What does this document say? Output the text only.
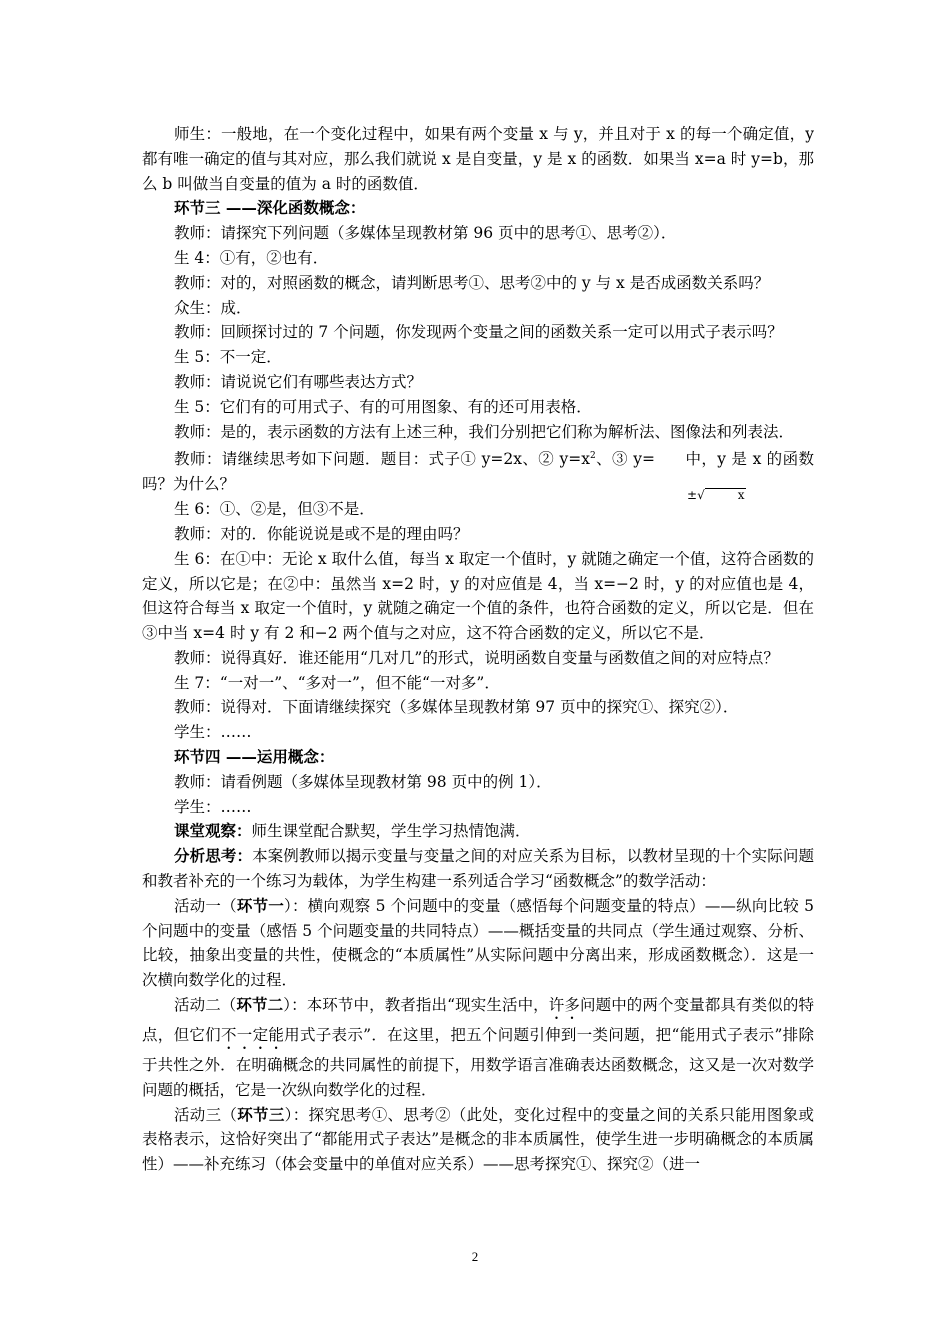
师生：一般地，在一个变化过程中，如果有两个变量 x 与 y，并且对于 x 的每一个确定值，y 都有唯一确定的值与其对应，那么我们就说 x 是自变量，y 是 x 的函数．如果当 x=a 时 y=b，那么 b 叫做当自变量的值为 a 时的函数值．

环节三 ——深化函数概念：

教师：请探究下列问题（多媒体呈现教材第 96 页中的思考①、思考②）．

生 4：①有，②也有．

教师：对的，对照函数的概念，请判断思考①、思考②中的 y 与 x 是否成函数关系吗？

众生：成．

教师：回顾探讨过的 7 个问题，你发现两个变量之间的函数关系一定可以用式子表示吗？

生 5：不一定．

教师：请说说它们有哪些表达方式？

生 5：它们有的可用式子、有的可用图象、有的还可用表格．

教师：是的，表示函数的方法有上述三种，我们分别把它们称为解析法、图像法和列表法．

教师：请继续思考如下问题．题目：式子① y=2x、② $y=x^2$、③ y=
±√	x
中，y 是 x 的函数吗？为什么？

生 6：①、②是，但③不是．

教师：对的．你能说说是或不是的理由吗？

生 6：在①中：无论 x 取什么值，每当 x 取定一个值时，y 就随之确定一个值，这符合函数的定义，所以它是；在②中：虽然当 x=2 时，y 的对应值是 4，当 x=−2 时，y 的对应值也是 4，但这符合每当 x 取定一个值时，y 就随之确定一个值的条件，也符合函数的定义，所以它是．但在③中当 x=4 时 y 有 2 和−2 两个值与之对应，这不符合函数的定义，所以它不是．

教师：说得真好．谁还能用“几对几”的形式，说明函数自变量与函数值之间的对应特点？

生 7：“一对一”、“多对一”，但不能“一对多”．

教师：说得对．下面请继续探究（多媒体呈现教材第 97 页中的探究①、探究②）．

学生：……

环节四 ——运用概念：

教师：请看例题（多媒体呈现教材第 98 页中的例 1）．

学生：……

课堂观察：师生课堂配合默契，学生学习热情饱满．

分析思考：本案例教师以揭示变量与变量之间的对应关系为目标，以教材呈现的十个实际问题和教者补充的一个练习为载体，为学生构建一系列适合学习“函数概念”的数学活动：

活动一（环节一）：横向观察 5 个问题中的变量（感悟每个问题变量的特点）——纵向比较 5 个问题中的变量（感悟 5 个问题变量的共同特点）——概括变量的共同点（学生通过观察、分析、比较，抽象出变量的共性，使概念的“本质属性”从实际问题中分离出来，形成函数概念）．这是一次横向数学化的过程．

活动二（环节二）：本环节中，教者指出“现实生活中，许多问题中的两个变量都具有类似的特点，但它们不一定能用式子表示”．在这里，把五个问题引伸到一类问题，把“能用式子表示”排除于共性之外．在明确概念的共同属性的前提下，用数学语言准确表达函数概念，这又是一次对数学问题的概括，它是一次纵向数学化的过程．

活动三（环节三）：探究思考①、思考②（此处，变化过程中的变量之间的关系只能用图象或表格表示，这恰好突出了“都能用式子表达”是概念的非本质属性，使学生进一步明确概念的本质属性）——补充练习（体会变量中的单值对应关系）——思考探究①、探究②（进一

2
